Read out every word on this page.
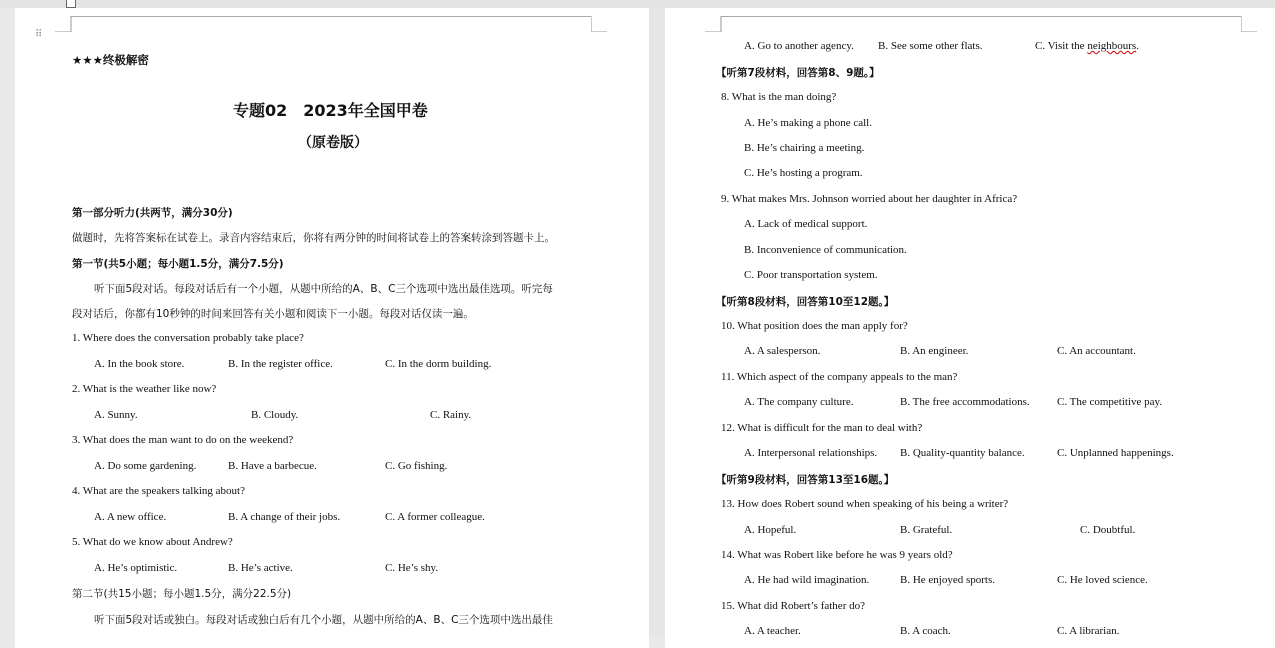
⠿
★★★终极解密
专题02　2023年全国甲卷
（原卷版）
第一部分听力(共两节，满分30分)
做题时，先将答案标在试卷上。录音内容结束后，你将有两分钟的时间将试卷上的答案转涂到答题卡上。
第一节(共5小题；每小题1.5分，满分7.5分)
听下面5段对话。每段对话后有一个小题，从题中所给的A、B、C三个选项中选出最佳选项。听完每
段对话后，你都有10秒钟的时间来回答有关小题和阅读下一小题。每段对话仅读一遍。
1. Where does the conversation probably take place?
A. In the book store.	B. In the register office.	C. In the dorm building.
2. What is the weather like now?
A. Sunny.	B. Cloudy.	C. Rainy.
3. What does the man want to do on the weekend?
A. Do some gardening.	B. Have a barbecue.	C. Go fishing.
4. What are the speakers talking about?
A. A new office.	B. A change of their jobs.	C. A former colleague.
5. What do we know about Andrew?
A. He’s optimistic.	B. He’s active.	C. He’s shy.
第二节(共15小题；每小题1.5分，满分22.5分)
听下面5段对话或独白。每段对话或独白后有几个小题，从题中所给的A、B、C三个选项中选出最佳
A. Go to another agency. B. See some other flats.	C. Visit the neighbours.
【听第7段材料，回答第8、9题。】
8. What is the man doing?
A. He’s making a phone call.
B. He’s chairing a meeting.
C. He’s hosting a program.
9. What makes Mrs. Johnson worried about her daughter in Africa?
A. Lack of medical support.
B. Inconvenience of communication.
C. Poor transportation system.
【听第8段材料，回答第10至12题。】
10. What position does the man apply for?
A. A salesperson.	B. An engineer.	C. An accountant.
11. Which aspect of the company appeals to the man?
A. The company culture.	B. The free accommodations. C. The competitive pay.
12. What is difficult for the man to deal with?
A. Interpersonal relationships. B. Quality-quantity balance.	C. Unplanned happenings.
【听第9段材料，回答第13至16题。】
13. How does Robert sound when speaking of his being a writer?
A. Hopeful.	B. Grateful.	C. Doubtful.
14. What was Robert like before he was 9 years old?
A. He had wild imagination.	B. He enjoyed sports.	C. He loved science.
15. What did Robert’s father do?
A. A teacher.	B. A coach.	C. A librarian.
